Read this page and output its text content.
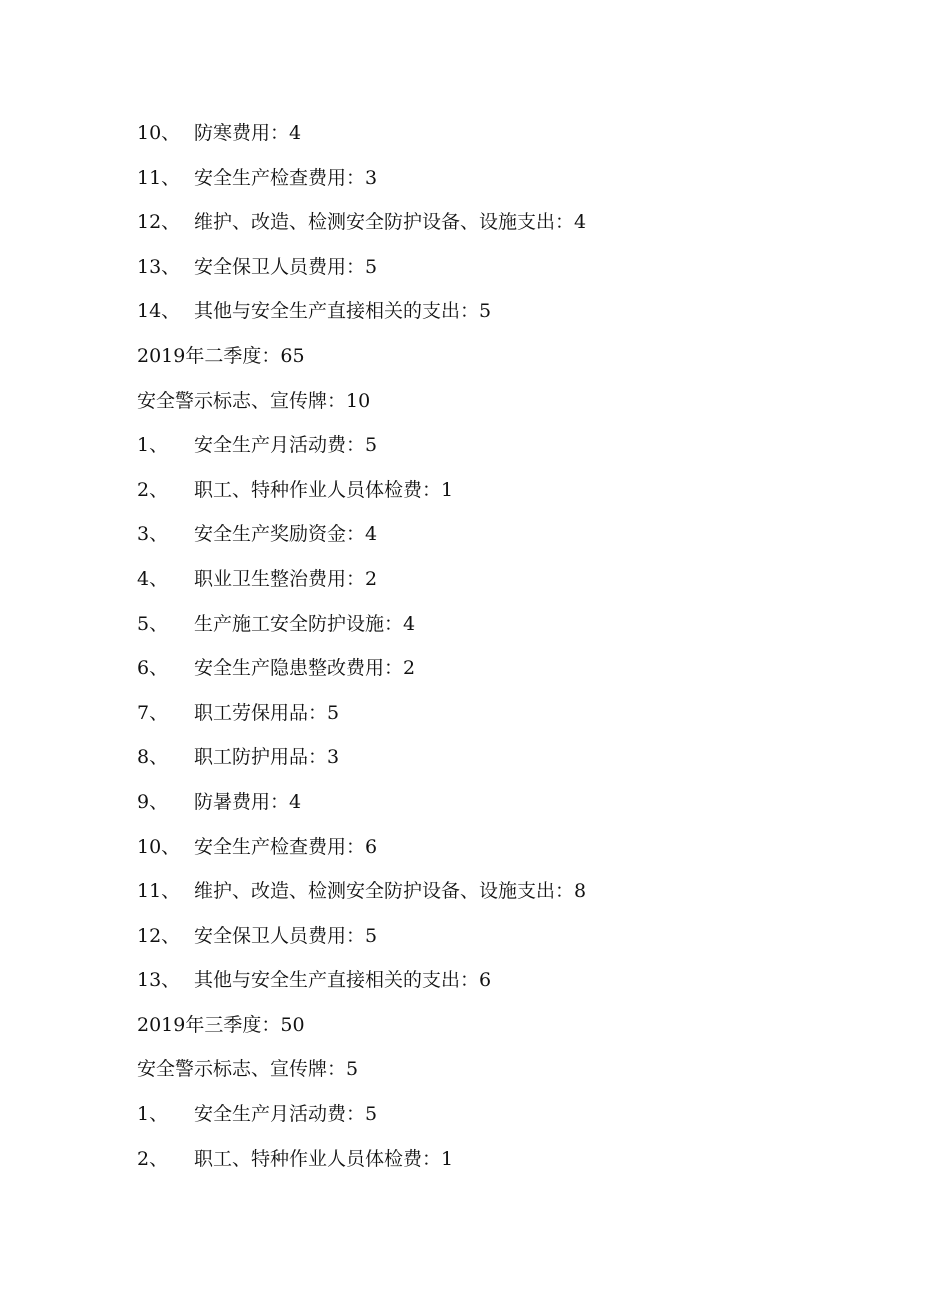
10、 防寒费用：4
11、 安全生产检查费用：3
12、 维护、改造、检测安全防护设备、设施支出：4
13、 安全保卫人员费用：5
14、 其他与安全生产直接相关的支出：5
2019年二季度：65
安全警示标志、宣传牌：10
1、	安全生产月活动费：5
2、	职工、特种作业人员体检费：1
3、	安全生产奖励资金：4
4、	职业卫生整治费用：2
5、	生产施工安全防护设施：4
6、	安全生产隐患整改费用：2
7、	职工劳保用品：5
8、	职工防护用品：3
9、	防暑费用：4
10、 安全生产检查费用：6
11、 维护、改造、检测安全防护设备、设施支出：8
12、 安全保卫人员费用：5
13、 其他与安全生产直接相关的支出：6
2019年三季度：50
安全警示标志、宣传牌：5
1、	安全生产月活动费：5
2、	职工、特种作业人员体检费：1
